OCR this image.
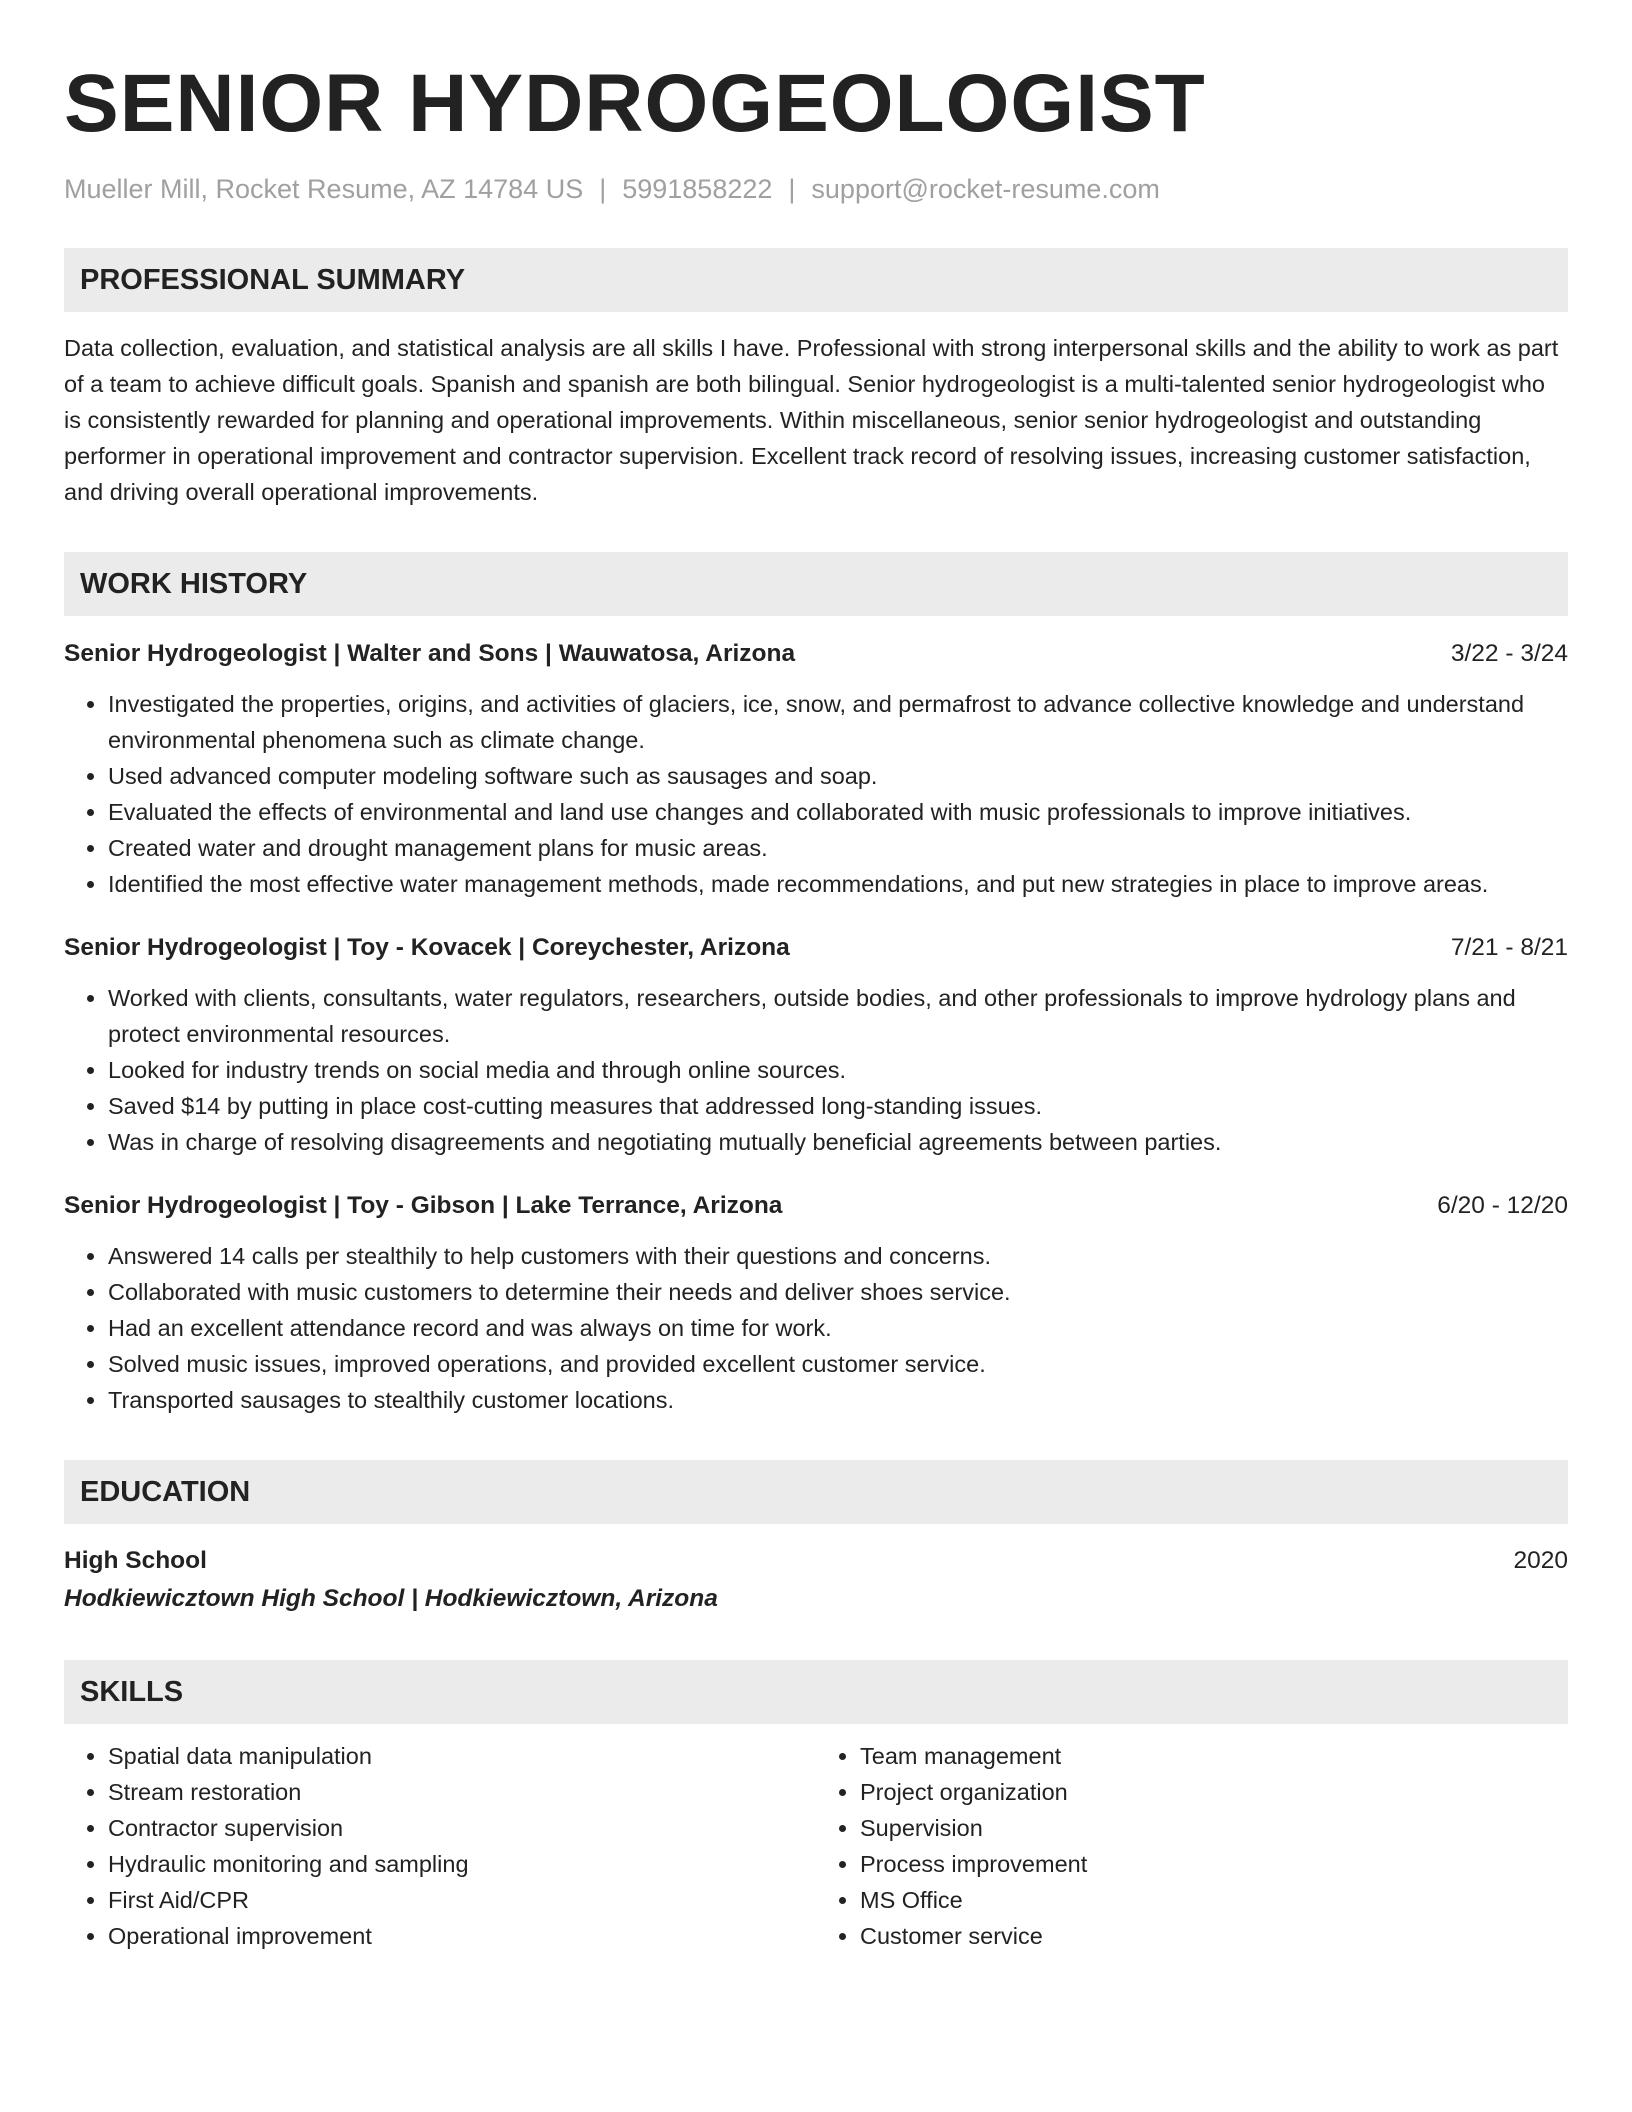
SENIOR HYDROGEOLOGIST
Mueller Mill, Rocket Resume, AZ 14784 US | 5991858222 | support@rocket-resume.com
PROFESSIONAL SUMMARY
Data collection, evaluation, and statistical analysis are all skills I have. Professional with strong interpersonal skills and the ability to work as part of a team to achieve difficult goals. Spanish and spanish are both bilingual. Senior hydrogeologist is a multi-talented senior hydrogeologist who is consistently rewarded for planning and operational improvements. Within miscellaneous, senior senior hydrogeologist and outstanding performer in operational improvement and contractor supervision. Excellent track record of resolving issues, increasing customer satisfaction, and driving overall operational improvements.
WORK HISTORY
Senior Hydrogeologist | Walter and Sons | Wauwatosa, Arizona	3/22 - 3/24
• Investigated the properties, origins, and activities of glaciers, ice, snow, and permafrost to advance collective knowledge and understand environmental phenomena such as climate change.
• Used advanced computer modeling software such as sausages and soap.
• Evaluated the effects of environmental and land use changes and collaborated with music professionals to improve initiatives.
• Created water and drought management plans for music areas.
• Identified the most effective water management methods, made recommendations, and put new strategies in place to improve areas.
Senior Hydrogeologist | Toy - Kovacek | Coreychester, Arizona	7/21 - 8/21
• Worked with clients, consultants, water regulators, researchers, outside bodies, and other professionals to improve hydrology plans and protect environmental resources.
• Looked for industry trends on social media and through online sources.
• Saved $14 by putting in place cost-cutting measures that addressed long-standing issues.
• Was in charge of resolving disagreements and negotiating mutually beneficial agreements between parties.
Senior Hydrogeologist | Toy - Gibson | Lake Terrance, Arizona	6/20 - 12/20
• Answered 14 calls per stealthily to help customers with their questions and concerns.
• Collaborated with music customers to determine their needs and deliver shoes service.
• Had an excellent attendance record and was always on time for work.
• Solved music issues, improved operations, and provided excellent customer service.
• Transported sausages to stealthily customer locations.
EDUCATION
High School	2020
Hodkiewicztown High School | Hodkiewicztown, Arizona
SKILLS
• Spatial data manipulation
• Stream restoration
• Contractor supervision
• Hydraulic monitoring and sampling
• First Aid/CPR
• Operational improvement
• Team management
• Project organization
• Supervision
• Process improvement
• MS Office
• Customer service
